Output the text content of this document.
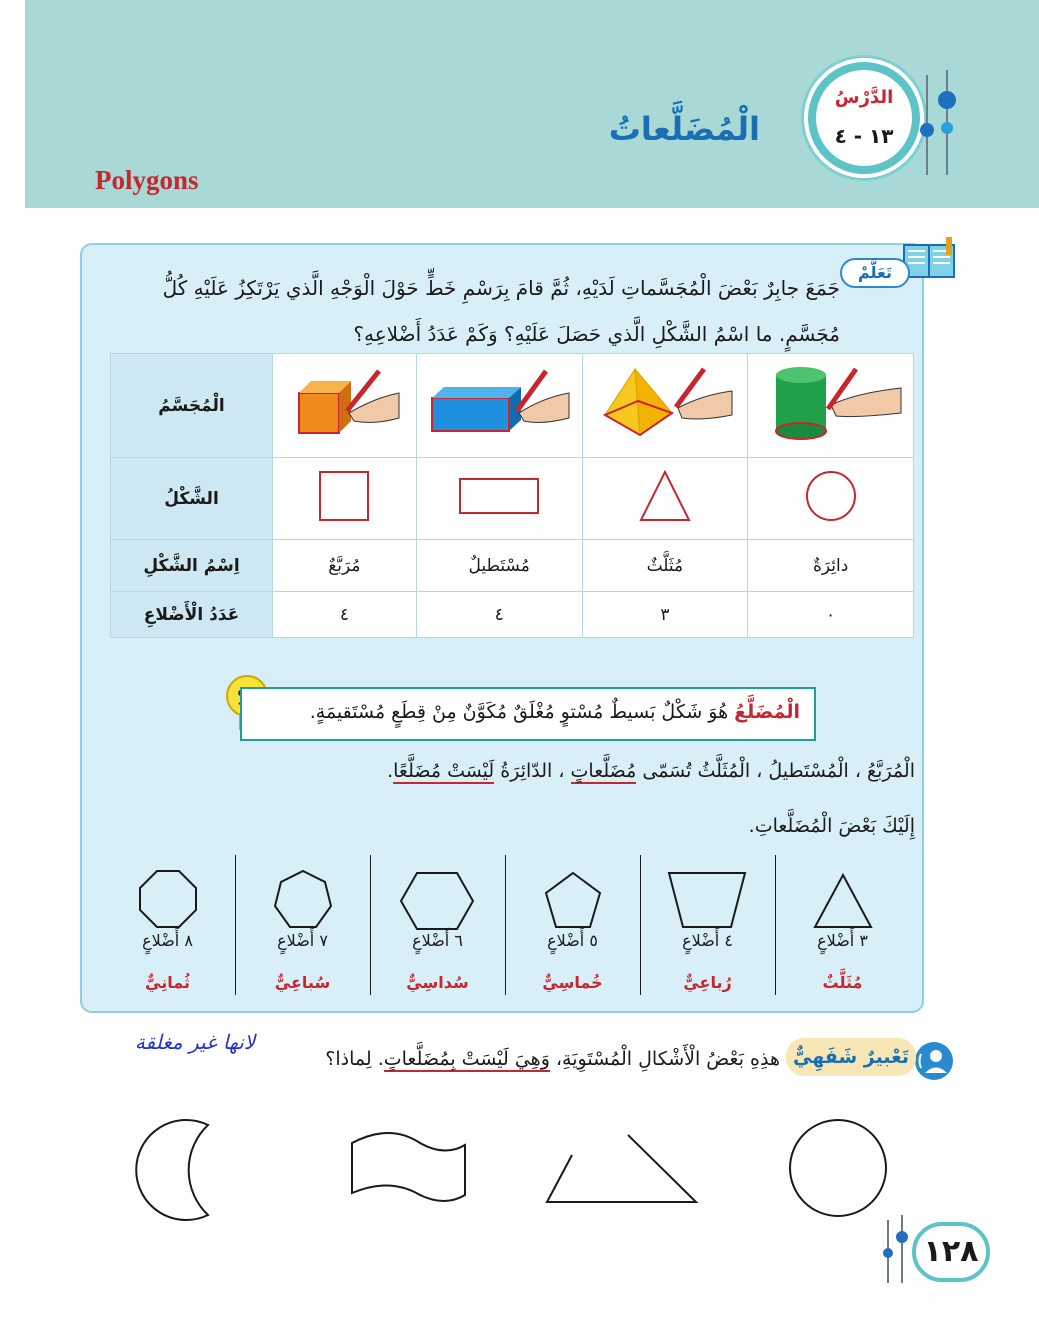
Polygons
الْمُضَلَّعاتُ
الدَّرْسُ
١٣ - ٤
تَعَلَّمْ
جَمَعَ جابِرٌ بَعْضَ الْمُجَسَّماتِ لَدَيْهِ، ثُمَّ قامَ بِرَسْمِ خَطٍّ حَوْلَ الْوَجْهِ الَّذي يَرْتَكِزُ عَلَيْهِ كُلُّ مُجَسَّمٍ. ما اسْمُ الشَّكْلِ الَّذي حَصَلَ عَلَيْهِ؟ وَكَمْ عَدَدُ أَضْلاعِهِ؟
الْمُجَسَّمُ				
الشَّكْلُ				
اِسْمُ الشَّكْلِ	مُرَبَّعٌ	مُسْتَطيلٌ	مُثَلَّثٌ	دائِرَةٌ
عَدَدُ الْأَضْلاعِ	٤	٤	٣	٠
الْمُضَلَّعُ هُوَ شَكْلٌ بَسيطٌ مُسْتوٍ مُغْلَقٌ مُكَوَّنٌ مِنْ قِطَعٍ مُسْتَقيمَةٍ.
الْمُرَبَّعُ ، الْمُسْتَطيلُ ، الْمُثَلَّثُ تُسَمّى مُضَلَّعاتٍ ، الدّائِرَةُ لَيْسَتْ مُضَلَّعًا.
إِلَيْكَ بَعْضَ الْمُضَلَّعاتِ.
٣ أَضْلاعٍ
مُثَلَّثٌ
٤ أَضْلاعٍ
رُباعِيٌّ
٥ أَضْلاعٍ
خُماسِيٌّ
٦ أَضْلاعٍ
سُداسِيٌّ
٧ أَضْلاعٍ
سُباعِيٌّ
٨ أَضْلاعٍ
ثُمانِيٌّ
تَعْبيرٌ شَفَهِيٌّ
هذِهِ بَعْضُ الْأَشْكالِ الْمُسْتَوِيَةِ، وَهِيَ لَيْسَتْ بِمُضَلَّعاتٍ. لِماذا؟
لانها غير مغلقة
١٢٨
